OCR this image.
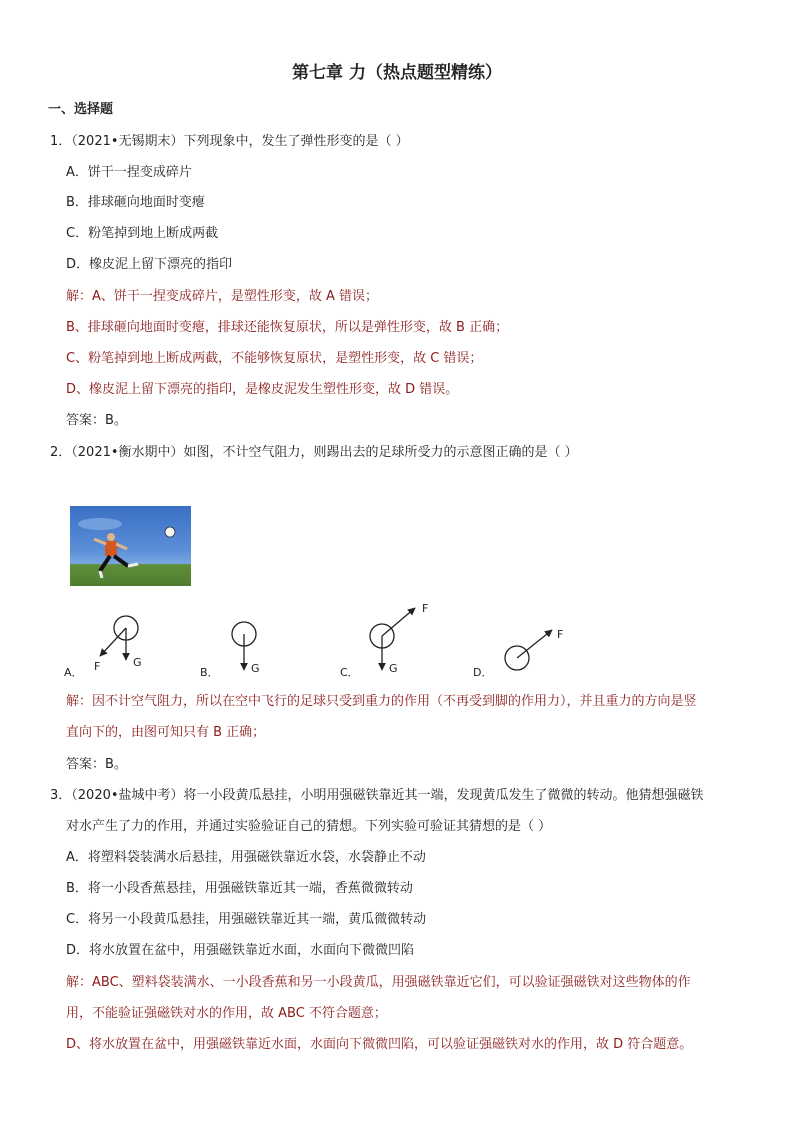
第七章 力（热点题型精练）
一、选择题
1．（2021•无锡期末）下列现象中，发生了弹性形变的是（ ）
A．饼干一捏变成碎片
B．排球砸向地面时变瘪
C．粉笔掉到地上断成两截
D．橡皮泥上留下漂亮的指印
解：A、饼干一捏变成碎片，是塑性形变，故 A 错误；
B、排球砸向地面时变瘪，排球还能恢复原状，所以是弹性形变，故 B 正确；
C、粉笔掉到地上断成两截，不能够恢复原状，是塑性形变，故 C 错误；
D、橡皮泥上留下漂亮的指印，是橡皮泥发生塑性形变，故 D 错误。
答案：B。
2．（2021•衡水期中）如图，不计空气阻力，则踢出去的足球所受力的示意图正确的是（ ）
A．
G
F	B．	G	C．	G
F
D．
F
解：因不计空气阻力，所以在空中飞行的足球只受到重力的作用（不再受到脚的作用力），并且重力的方向是竖
直向下的，由图可知只有 B 正确；
答案：B。
3．（2020•盐城中考）将一小段黄瓜悬挂，小明用强磁铁靠近其一端，发现黄瓜发生了微微的转动。他猜想强磁铁
对水产生了力的作用，并通过实验验证自己的猜想。下列实验可验证其猜想的是（ ）
A．将塑料袋装满水后悬挂，用强磁铁靠近水袋，水袋静止不动
B．将一小段香蕉悬挂，用强磁铁靠近其一端，香蕉微微转动
C．将另一小段黄瓜悬挂，用强磁铁靠近其一端，黄瓜微微转动
D．将水放置在盆中，用强磁铁靠近水面，水面向下微微凹陷
解：ABC、塑料袋装满水、一小段香蕉和另一小段黄瓜，用强磁铁靠近它们，可以验证强磁铁对这些物体的作
用，不能验证强磁铁对水的作用，故 ABC 不符合题意；
D、将水放置在盆中，用强磁铁靠近水面，水面向下微微凹陷，可以验证强磁铁对水的作用，故 D 符合题意。
